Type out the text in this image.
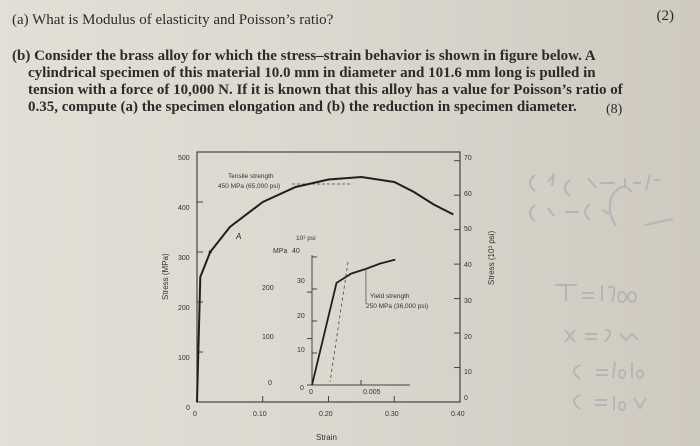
(a) What is Modulus of elasticity and Poisson’s ratio?	(2)
(b) Consider the brass alloy for which the stress–strain behavior is shown in figure below. A
cylindrical specimen of this material 10.0 mm in diameter and 101.6 mm long is pulled in
tension with a force of 10,000 N. If it is known that this alloy has a value for Poisson’s ratio of
0.35, compute (a) the specimen elongation and (b) the reduction in specimen diameter. (8)
Stress (MPa)	Stress (10³ psi)
Strain
500
400
300
200
100
0
70
60
50
40
30
20
10
0
0	0.10	0.20	0.30	0.40
Tensile strength
450 MPa (65,000 psi)
A
MPa
10³ psi
200
100
0
40
30
20
10
0
0	0.005
Yield strength
250 MPa (36,000 psi)
